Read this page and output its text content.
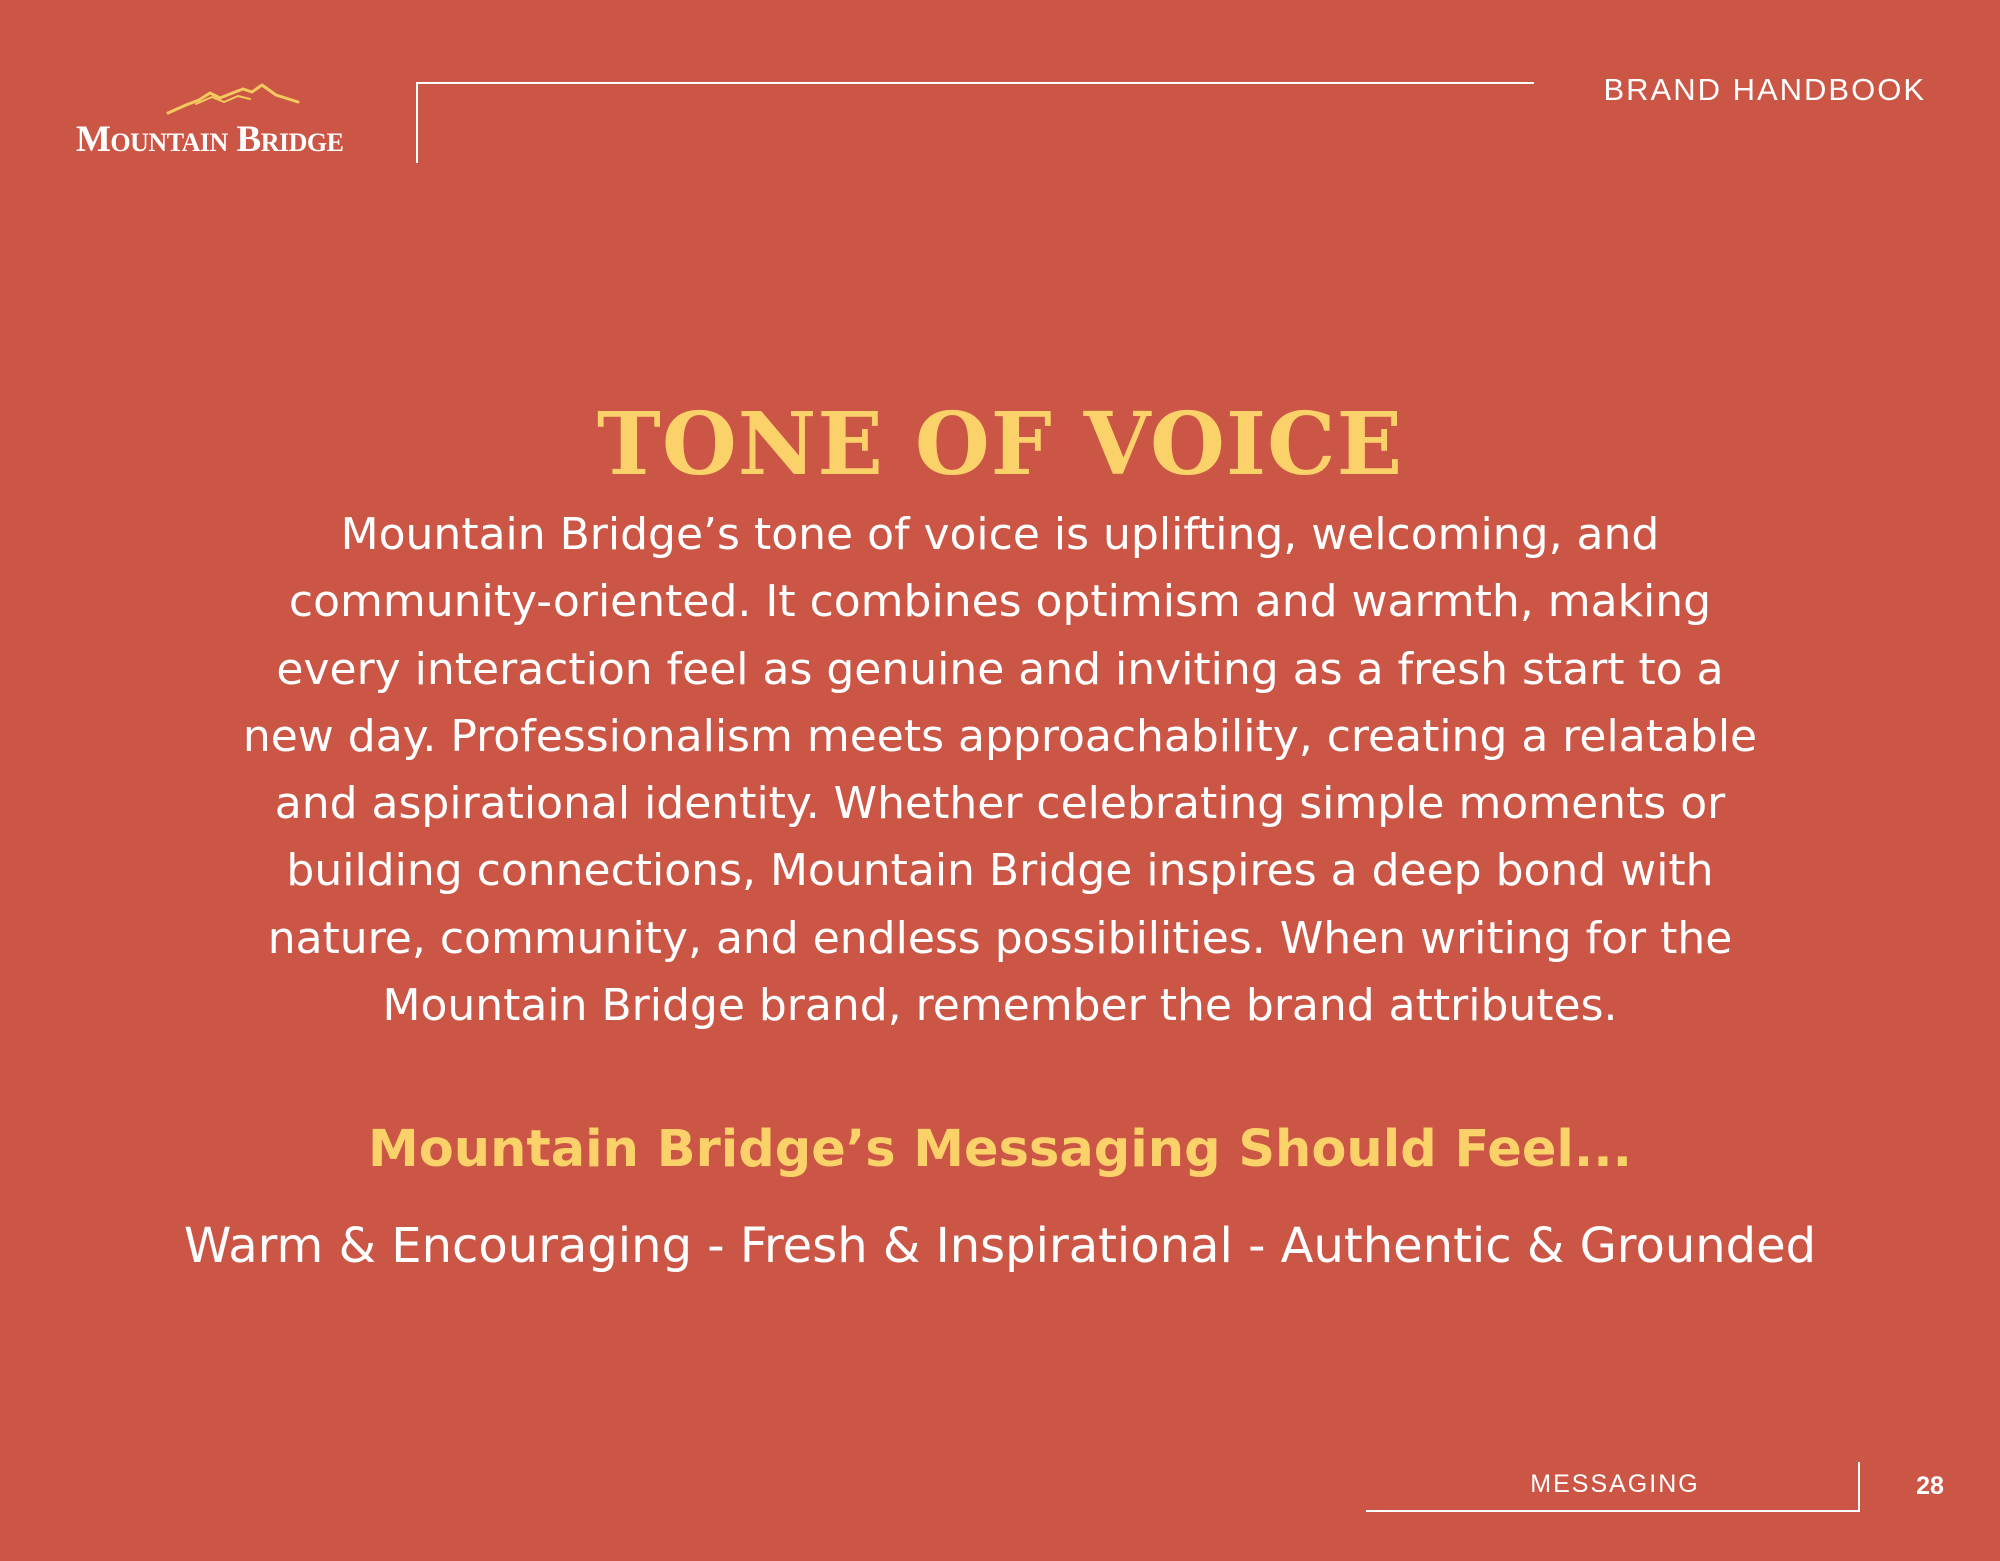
Mountain Bridge
BRAND HANDBOOK
TONE OF VOICE
Mountain Bridge’s tone of voice is uplifting, welcoming, and
community-oriented. It combines optimism and warmth, making
every interaction feel as genuine and inviting as a fresh start to a
new day. Professionalism meets approachability, creating a relatable
and aspirational identity. Whether celebrating simple moments or
building connections, Mountain Bridge inspires a deep bond with
nature, community, and endless possibilities. When writing for the
Mountain Bridge brand, remember the brand attributes.
Mountain Bridge’s Messaging Should Feel...
Warm & Encouraging - Fresh & Inspirational - Authentic & Grounded
MESSAGING	28
